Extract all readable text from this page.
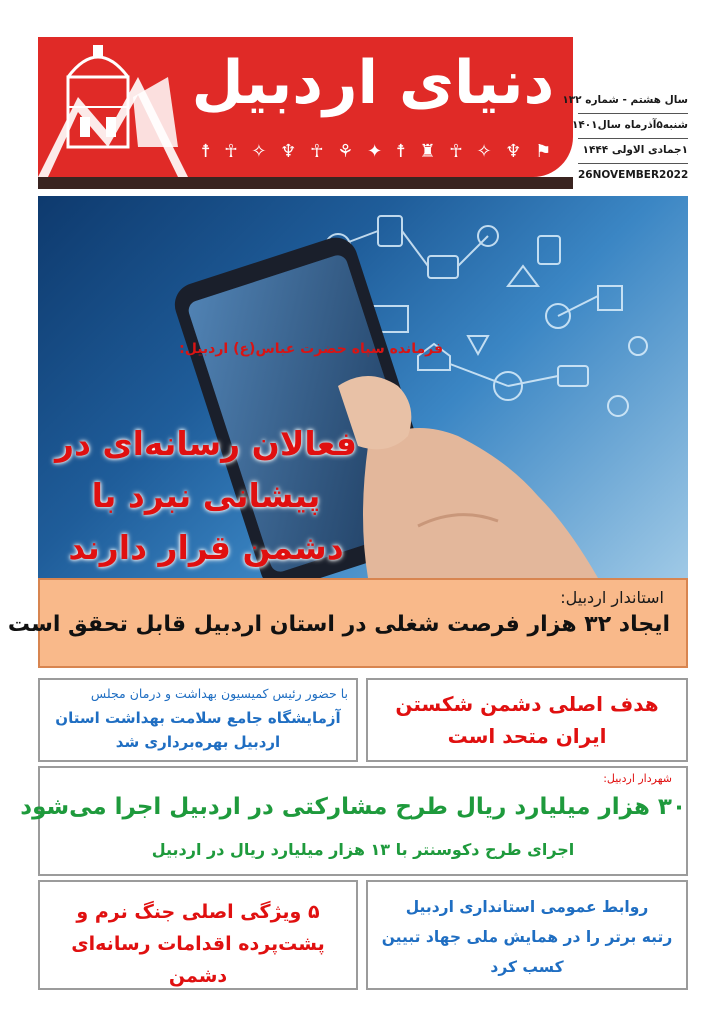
دنیای اردبیل
☨ ☥ ✧ ♆ ☥ ⚘ ✦ ☨ ♜ ☥ ✧ ♆ ⚑
سال هشتم - شماره ۱۳۲
شنبه۵آذرماه سال۱۴۰۱
۱جمادی الاولی ۱۴۴۴
26NOVEMBER2022
فرمانده سپاه حضرت عباس(ع) اردبیل:
فعالان رسانه‌ای در پیشانی نبرد با دشمن قرار دارند
استاندار اردبیل:
ایجاد ۳۲ هزار فرصت شغلی در استان اردبیل قابل تحقق است
با حضور رئیس کمیسیون بهداشت و درمان مجلس
آزمایشگاه جامع سلامت بهداشت استان اردبیل بهره‌برداری شد
هدف اصلی دشمن شکستن ایران متحد است
شهردار اردبیل:
۳۰ هزار میلیارد ریال طرح مشارکتی در اردبیل اجرا می‌شود
اجرای طرح دکوسنتر با ۱۳ هزار میلیارد ریال در اردبیل
۵ ویژگی اصلی جنگ نرم و پشت‌پرده اقدامات رسانه‌ای دشمن
روابط عمومی استانداری اردبیل
رتبه برتر را در همایش ملی جهاد تبیین کسب کرد
